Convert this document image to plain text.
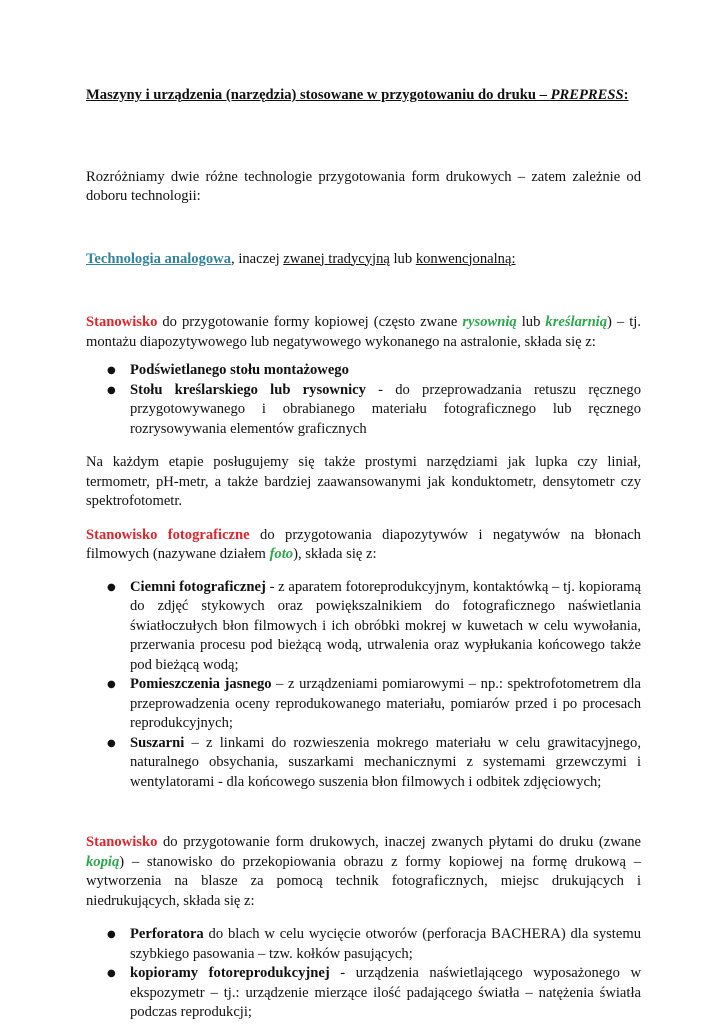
Maszyny i urządzenia (narzędzia) stosowane w przygotowaniu do druku – PREPRESS:

Rozróżniamy dwie różne technologie przygotowania form drukowych – zatem zależnie od doboru technologii:

Technologia analogowa, inaczej zwanej tradycyjną lub konwencjonalną:

Stanowisko do przygotowanie formy kopiowej (często zwane rysownią lub kreślarnią) – tj. montażu diapozytywowego lub negatywowego wykonanego na astralonie, składa się z:

● Podświetlanego stołu montażowego
● Stołu kreślarskiego lub rysownicy - do przeprowadzania retuszu ręcznego przygotowywanego i obrabianego materiału fotograficznego lub ręcznego rozrysowywania elementów graficznych

Na każdym etapie posługujemy się także prostymi narzędziami jak lupka czy liniał, termometr, pH-metr, a także bardziej zaawansowanymi jak konduktometr, densytometr czy spektrofotometr.

Stanowisko fotograficzne do przygotowania diapozytywów i negatywów na błonach filmowych (nazywane działem foto), składa się z:

● Ciemni fotograficznej - z aparatem fotoreprodukcyjnym, kontaktówką – tj. kopioramą do zdjęć stykowych oraz powiększalnikiem do fotograficznego naświetlania światłoczułych błon filmowych i ich obróbki mokrej w kuwetach w celu wywołania, przerwania procesu pod bieżącą wodą, utrwalenia oraz wypłukania końcowego także pod bieżącą wodą;
● Pomieszczenia jasnego – z urządzeniami pomiarowymi – np.: spektrofotometrem dla przeprowadzenia oceny reprodukowanego materiału, pomiarów przed i po procesach reprodukcyjnych;
● Suszarni – z linkami do rozwieszenia mokrego materiału w celu grawitacyjnego, naturalnego obsychania, suszarkami mechanicznymi z systemami grzewczymi i wentylatorami - dla końcowego suszenia błon filmowych i odbitek zdjęciowych;

Stanowisko do przygotowanie form drukowych, inaczej zwanych płytami do druku (zwane kopią) – stanowisko do przekopiowania obrazu z formy kopiowej na formę drukową – wytworzenia na blasze za pomocą technik fotograficznych, miejsc drukujących i niedrukujących, składa się z:

● Perforatora do blach w celu wycięcie otworów (perforacja BACHERA) dla systemu szybkiego pasowania – tzw. kołków pasujących;
● kopioramy fotoreprodukcyjnej - urządzenia naświetlającego wyposażonego w ekspozymetr – tj.: urządzenie mierzące ilość padającego światła – natężenia światła podczas reprodukcji;
